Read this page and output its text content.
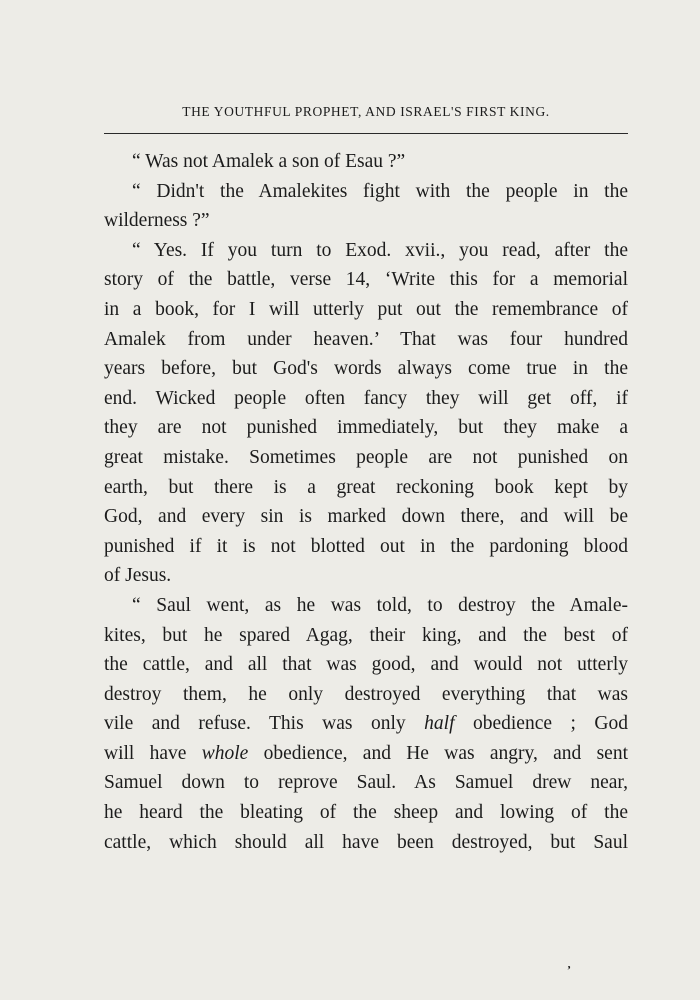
THE YOUTHFUL PROPHET, AND ISRAEL'S FIRST KING.
“ Was not Amalek a son of Esau ?”
“ Didn't the Amalekites fight with the people in the
wilderness ?”
“ Yes. If you turn to Exod. xvii., you read, after the
story of the battle, verse 14, ‘Write this for a memorial
in a book, for I will utterly put out the remembrance of
Amalek from under heaven.’ That was four hundred
years before, but God's words always come true in the
end. Wicked people often fancy they will get off, if
they are not punished immediately, but they make a
great mistake. Sometimes people are not punished on
earth, but there is a great reckoning book kept by
God, and every sin is marked down there, and will be
punished if it is not blotted out in the pardoning blood
of Jesus.
“ Saul went, as he was told, to destroy the Amale-
kites, but he spared Agag, their king, and the best of
the cattle, and all that was good, and would not utterly
destroy them, he only destroyed everything that was
vile and refuse. This was only half obedience ; God
will have whole obedience, and He was angry, and sent
Samuel down to reprove Saul. As Samuel drew near,
he heard the bleating of the sheep and lowing of the
cattle, which should all have been destroyed, but Saul
ʼ
